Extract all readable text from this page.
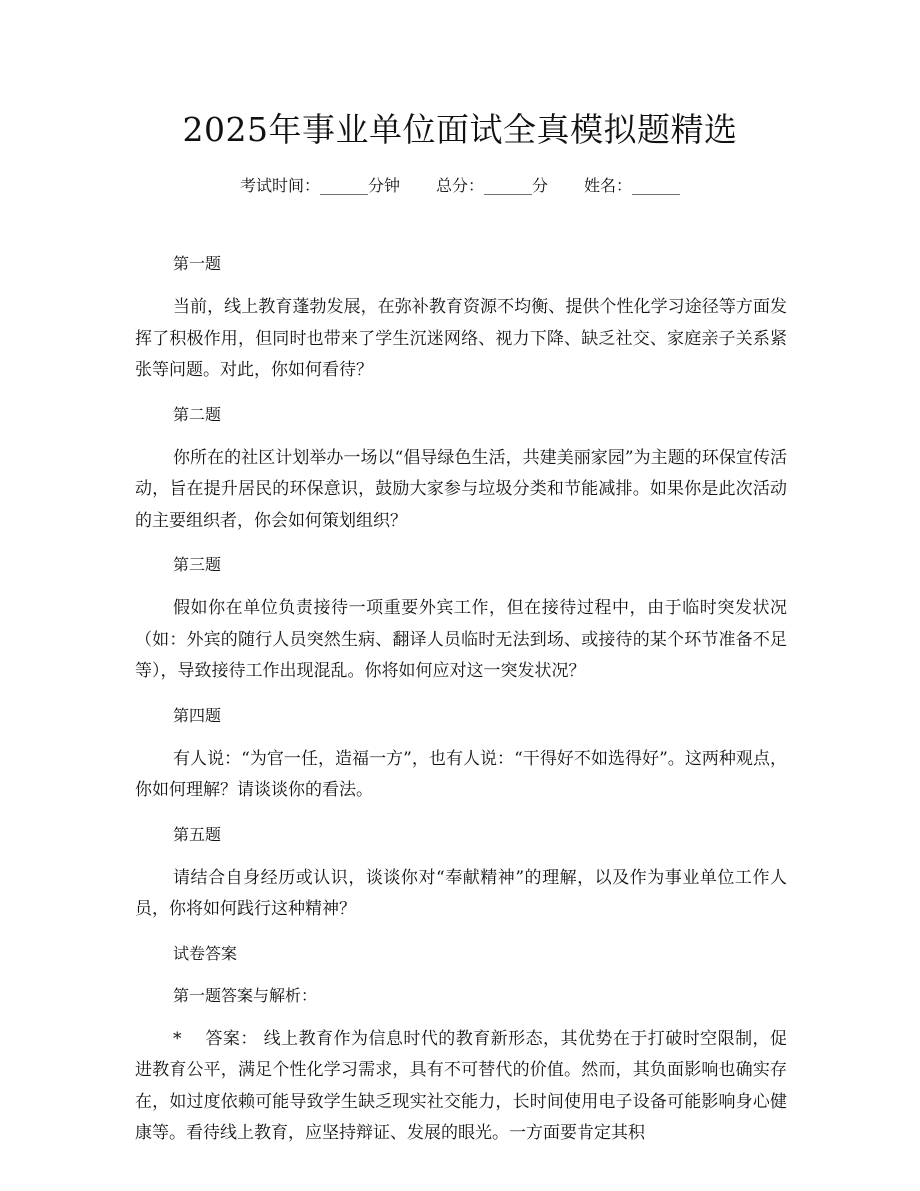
2025年事业单位面试全真模拟题精选
考试时间：______分钟 总分：______分 姓名：______
第一题
当前，线上教育蓬勃发展，在弥补教育资源不均衡、提供个性化学习途径等方面发挥了积极作用，但同时也带来了学生沉迷网络、视力下降、缺乏社交、家庭亲子关系紧张等问题。对此，你如何看待？
第二题
你所在的社区计划举办一场以“倡导绿色生活，共建美丽家园”为主题的环保宣传活动，旨在提升居民的环保意识，鼓励大家参与垃圾分类和节能减排。如果你是此次活动的主要组织者，你会如何策划组织？
第三题
假如你在单位负责接待一项重要外宾工作，但在接待过程中，由于临时突发状况（如：外宾的随行人员突然生病、翻译人员临时无法到场、或接待的某个环节准备不足等），导致接待工作出现混乱。你将如何应对这一突发状况？
第四题
有人说：“为官一任，造福一方”，也有人说：“干得好不如选得好”。这两种观点，你如何理解？请谈谈你的看法。
第五题
请结合自身经历或认识，谈谈你对“奉献精神”的理解，以及作为事业单位工作人员，你将如何践行这种精神？
试卷答案
第一题答案与解析：
* 答案： 线上教育作为信息时代的教育新形态，其优势在于打破时空限制，促进教育公平，满足个性化学习需求，具有不可替代的价值。然而，其负面影响也确实存在，如过度依赖可能导致学生缺乏现实社交能力，长时间使用电子设备可能影响身心健康等。看待线上教育，应坚持辩证、发展的眼光。一方面要肯定其积
